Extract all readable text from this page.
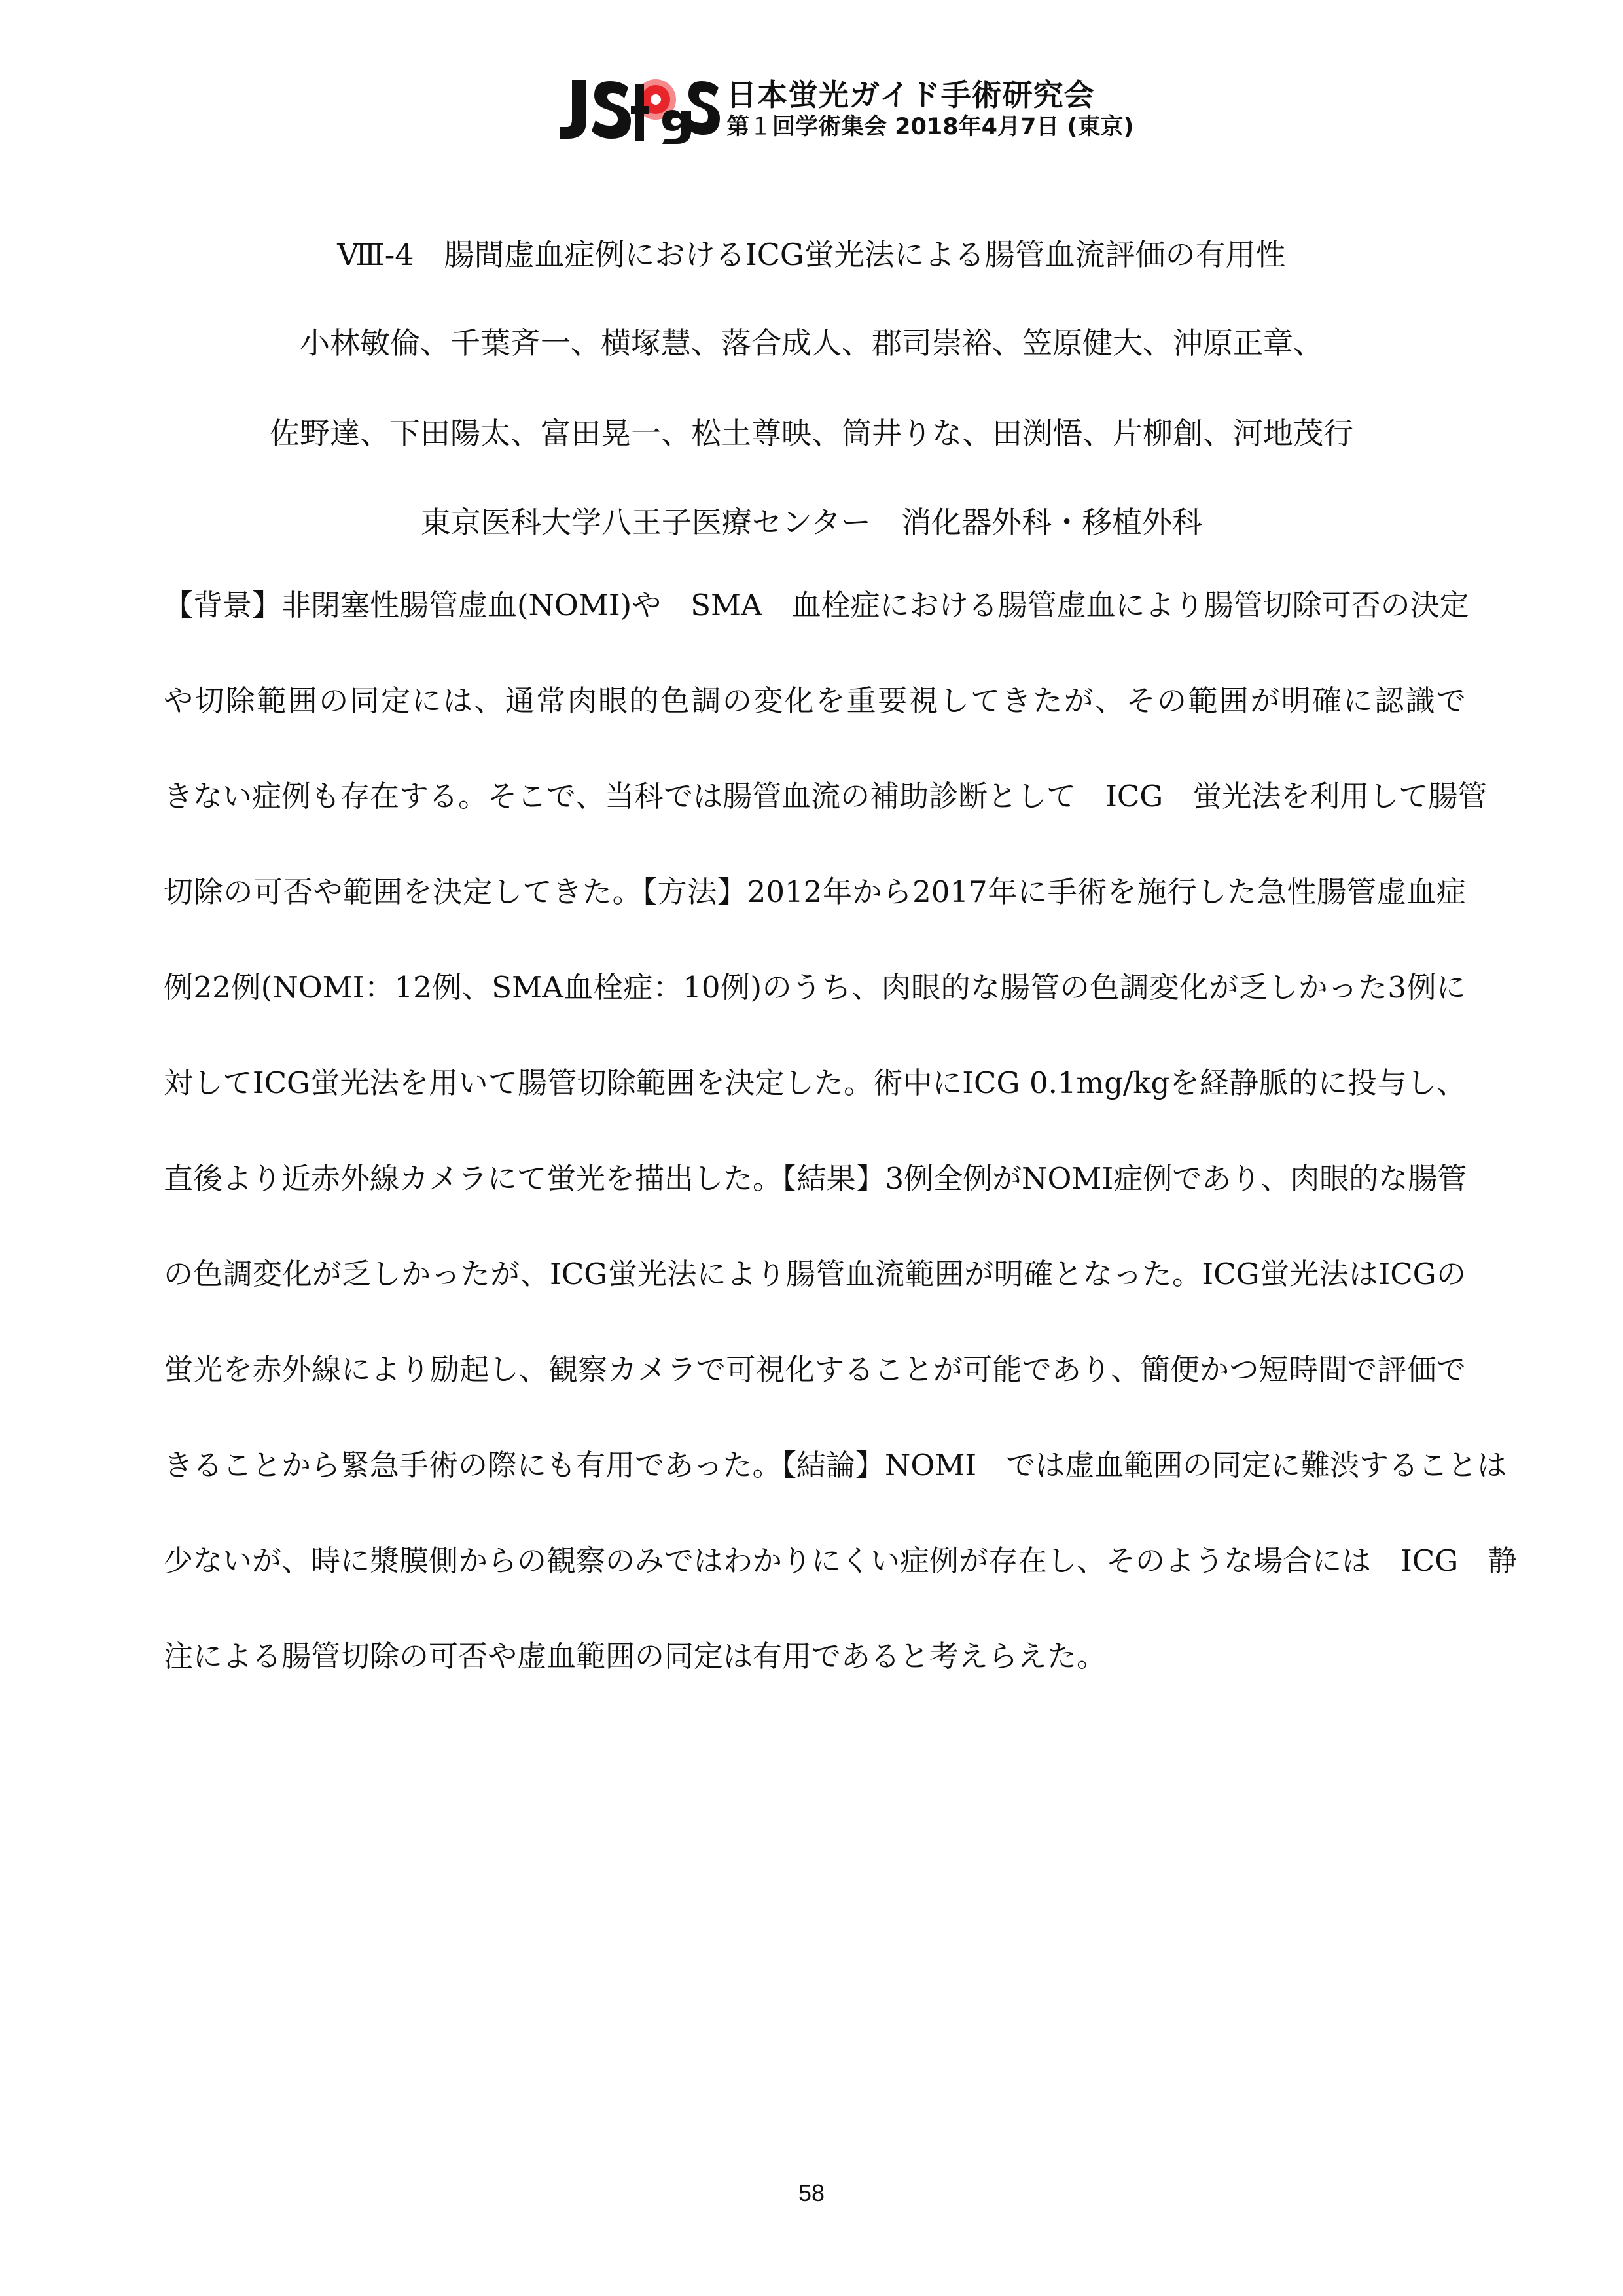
日本蛍光ガイド手術研究会
第１回学術集会 2018年4月7日 (東京)
Ⅷ-4　腸間虚血症例におけるICG蛍光法による腸管血流評価の有用性
小林敏倫、千葉斉一、横塚慧、落合成人、郡司崇裕、笠原健大、沖原正章、
佐野達、下田陽太、富田晃一、松土尊映、筒井りな、田渕悟、片柳創、河地茂行
東京医科大学八王子医療センター　消化器外科・移植外科
【背景】非閉塞性腸管虚血(NOMI)や　SMA　血栓症における腸管虚血により腸管切除可否の決定
や切除範囲の同定には、通常肉眼的色調の変化を重要視してきたが、その範囲が明確に認識で
きない症例も存在する。そこで、当科では腸管血流の補助診断として　ICG　蛍光法を利用して腸管
切除の可否や範囲を決定してきた。【方法】2012年から2017年に手術を施行した急性腸管虚血症
例22例(NOMI：12例、SMA血栓症：10例)のうち、肉眼的な腸管の色調変化が乏しかった3例に
対してICG蛍光法を用いて腸管切除範囲を決定した。術中にICG 0.1mg/kgを経静脈的に投与し、
直後より近赤外線カメラにて蛍光を描出した。【結果】3例全例がNOMI症例であり、肉眼的な腸管
の色調変化が乏しかったが、ICG蛍光法により腸管血流範囲が明確となった。ICG蛍光法はICGの
蛍光を赤外線により励起し、観察カメラで可視化することが可能であり、簡便かつ短時間で評価で
きることから緊急手術の際にも有用であった。【結論】NOMI　では虚血範囲の同定に難渋することは
少ないが、時に漿膜側からの観察のみではわかりにくい症例が存在し、そのような場合には　ICG　静
注による腸管切除の可否や虚血範囲の同定は有用であると考えらえた。
58
